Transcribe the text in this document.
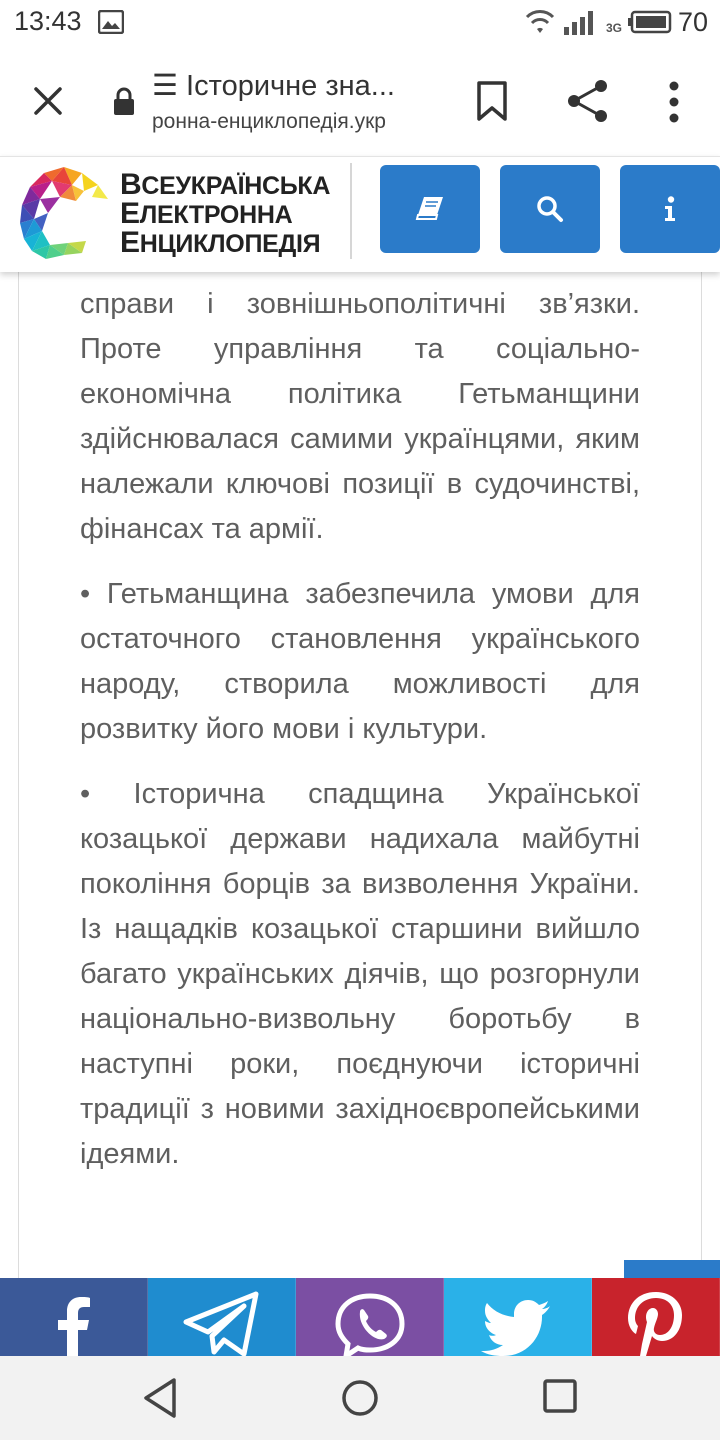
13:43	3G 70
☰ Історичне зна...
ронна-енциклопедія.укр
ВСЕУКРАЇНСЬКА
ЕЛЕКТРОННА
ЕНЦИКЛОПЕДІЯ

справи і зовнішньополітичні зв’язки. Проте управління та соціально-економічна політика Гетьманщини здійснювалася самими українцями, яким належали ключові позиції в судочинстві, фінансах та армії.

• Гетьманщина забезпечила умови для остаточного становлення українського народу, створила можливості для розвитку його мови і культури.

• Історична спадщина Української козацької держави надихала майбутні покоління борців за визволення України. Із нащадків козацької старшини вийшло багато українських діячів, що розгорнули національно-визвольну боротьбу в наступні роки, поєднуючи історичні традиції з новими західноєвропейськими ідеями.
